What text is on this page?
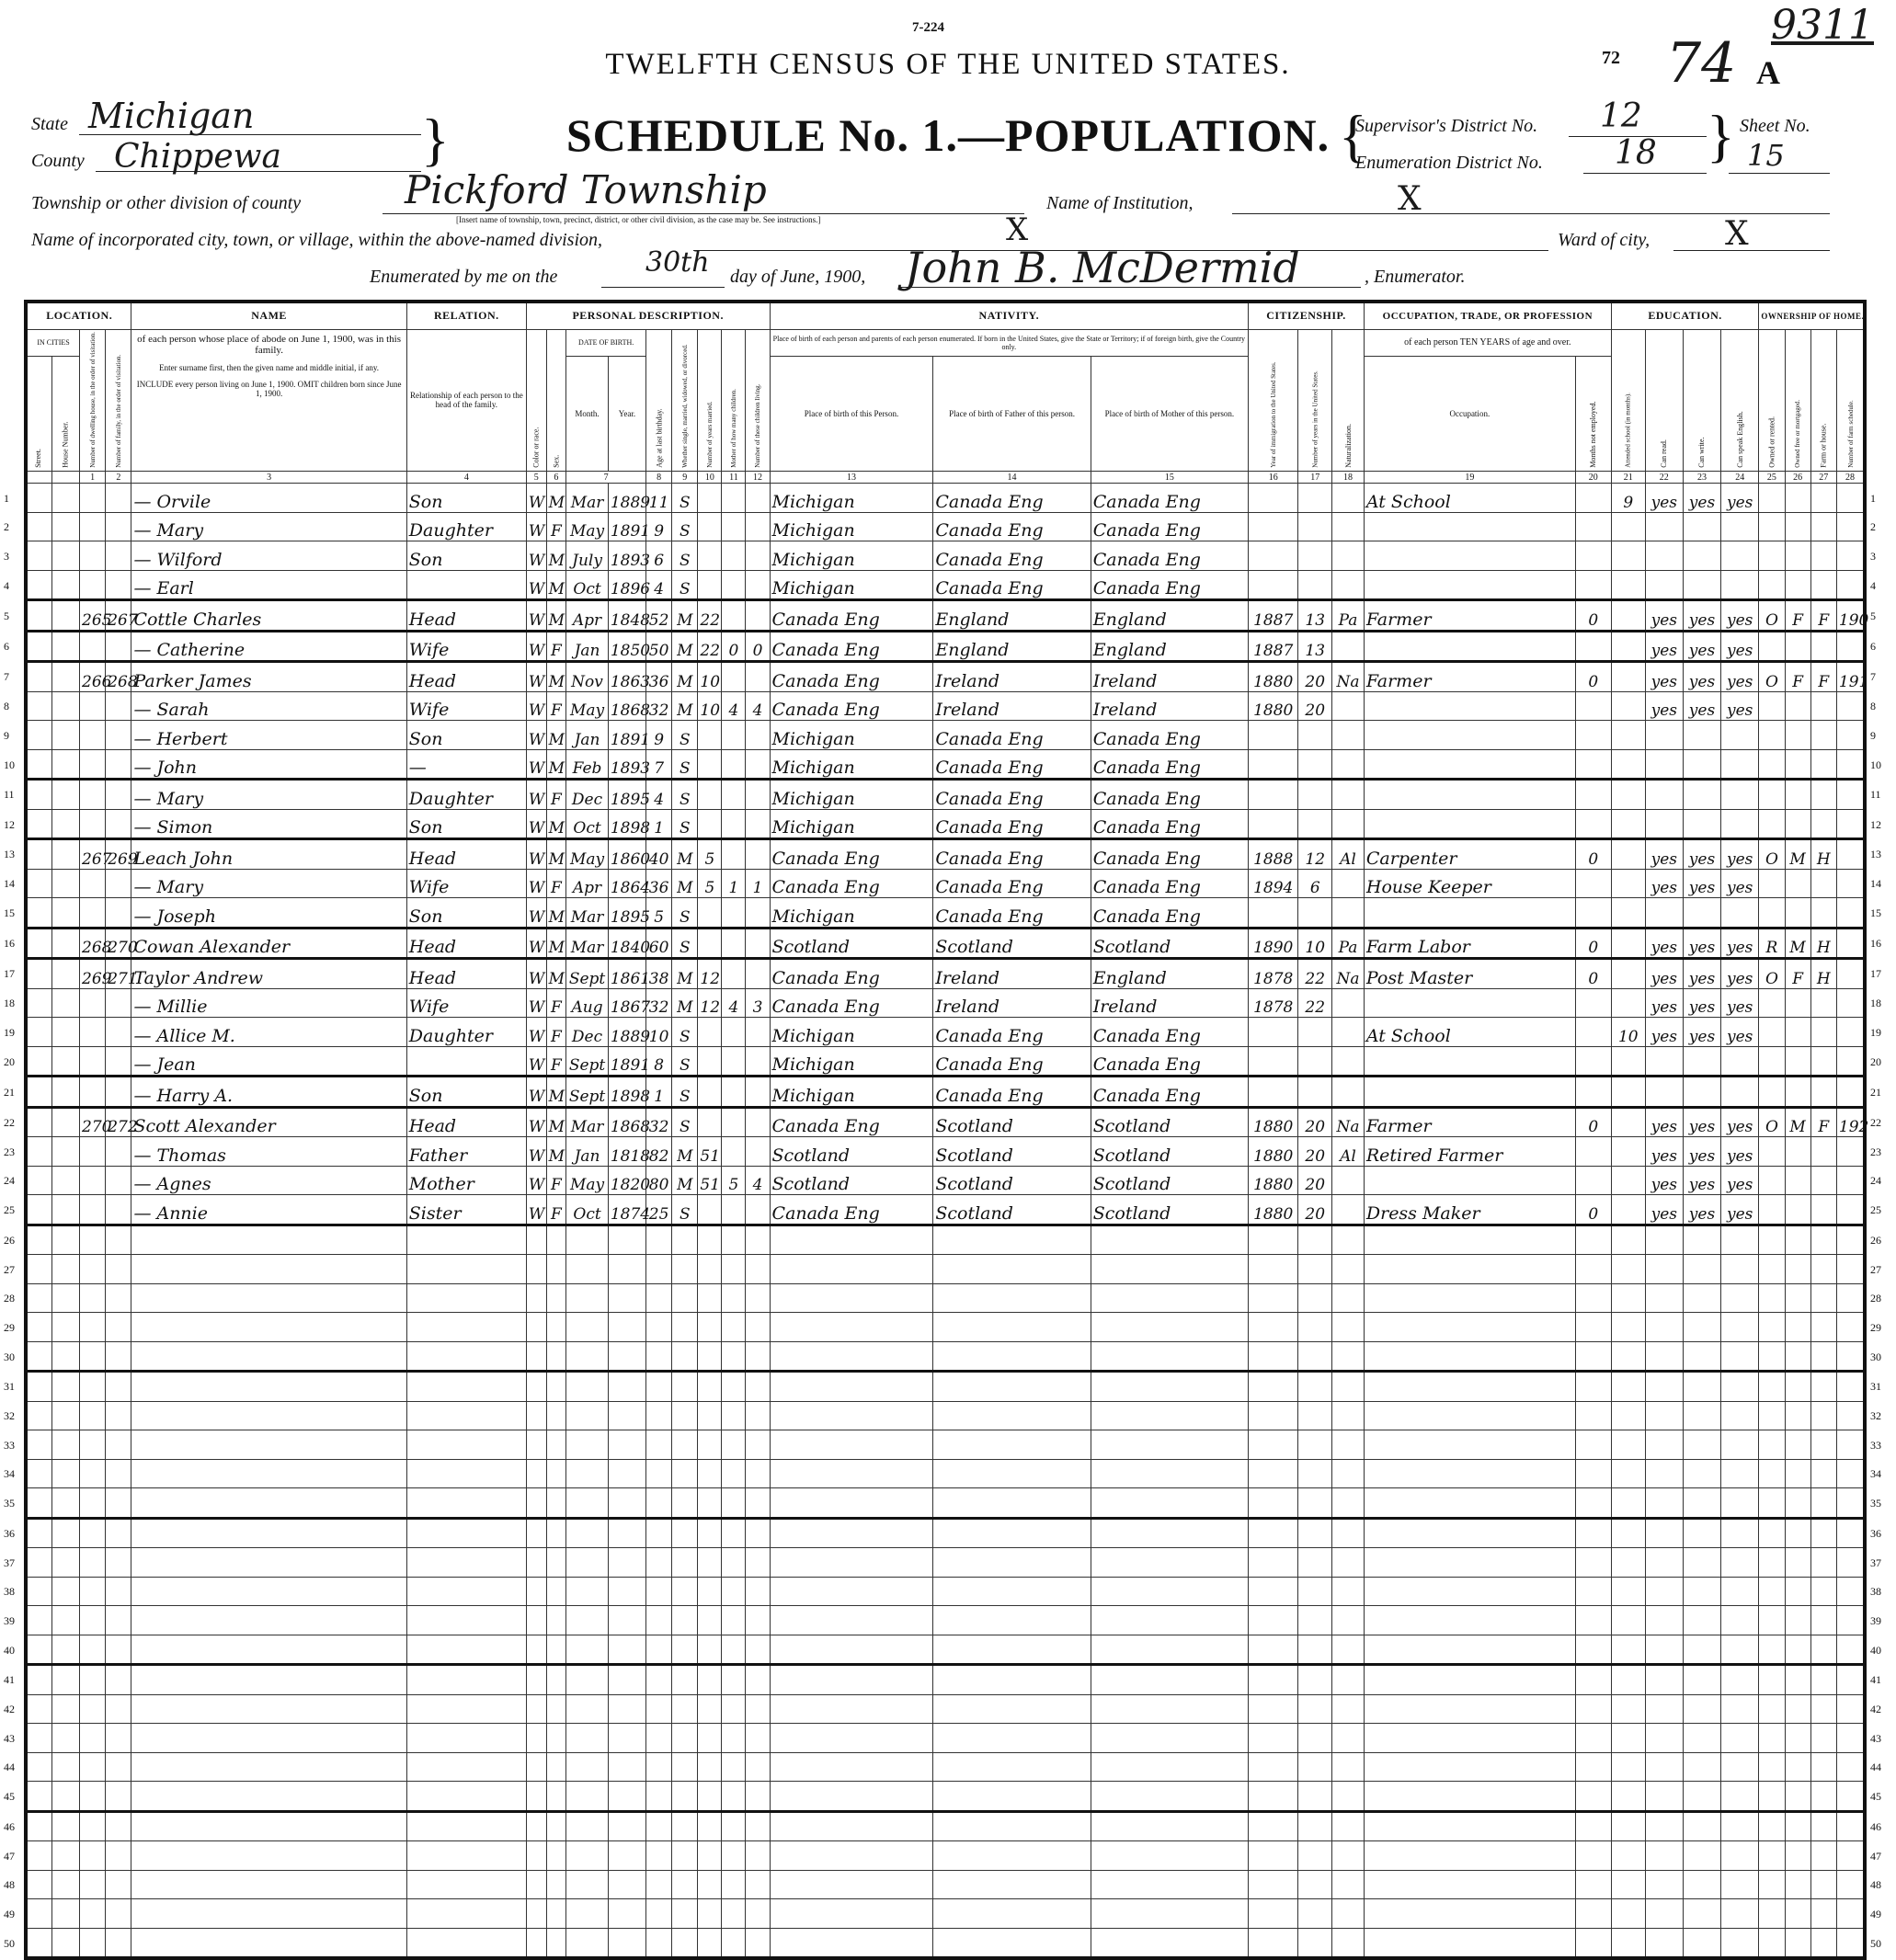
7-224	9311
72 74 A
TWELFTH CENSUS OF THE UNITED STATES.
SCHEDULE No. 1.—POPULATION.
State Michigan
County Chippewa }	{
Supervisor's District No. 12
Enumeration District No. 18 } Sheet No.
15
Township or other division of county	Pickford Township
[Insert name of township, town, precinct, district, or other civil division, as the case may be. See instructions.]
Name of Institution,	X
Name of incorporated city, town, or village, within the above-named division,	X	Ward of city, X
Enumerated by me on the	30th day of June, 1900, John B. McDermid	, Enumerator.
LOCATION.				NAME	RELATION.	PERSONAL DESCRIPTION.									NATIVITY.			CITIZENSHIP.			OCCUPATION, TRADE, OR PROFESSION		EDUCATION.				OWNERSHIP OF HOME.			
IN CITIES		Number of dwelling house, in the order of visitation.	Number of family, in the order of visitation.	of each person whose place of abode on June 1, 1900, was in this family.
Enter surname first, then the given name and middle initial, if any.
INCLUDE every person living on June 1, 1900. OMIT children born since June 1, 1900.	Relationship of each person to the head of the family.	Color or race.	Sex.	DATE OF BIRTH.		Age at last birthday.	Whether single, married, widowed, or divorced.	Number of years married.	Mother of how many children.	Number of these children living.	Place of birth of each person and parents of each person enumerated. If born in the United States, give the State or Territory; if of foreign birth, give the Country only.			Year of immigration to the United States.	Number of years in the United States.	Naturalization.	of each person TEN YEARS of age and over.		Attended school (in months).	Can read.	Can write.	Can speak English.	Owned or rented.	Owned free or mortgaged.	Farm or house.	Number of farm schedule.
Street.	House Number.							Month.	Year.						Place of birth of this Person.	Place of birth of Father of this person.	Place of birth of Mother of this person.				Occupation.	Months not employed.								
		1	2	3	4	5	6	7		8	9	10	11	12	13	14	15	16	17	18	19	20	21	22	23	24	25	26	27	28
				— Orvile	Son	W	M	Mar	1889	11	S				Michigan	Canada Eng	Canada Eng				At School		9	yes	yes	yes				
				— Mary	Daughter	W	F	May	1891	9	S				Michigan	Canada Eng	Canada Eng													
				— Wilford	Son	W	M	July	1893	6	S				Michigan	Canada Eng	Canada Eng													
				— Earl		W	M	Oct	1896	4	S				Michigan	Canada Eng	Canada Eng													
		265	267	Cottle Charles	Head	W	M	Apr	1848	52	M	22			Canada Eng	England	England	1887	13	Pa	Farmer	0		yes	yes	yes	O	F	F	190
				— Catherine	Wife	W	F	Jan	1850	50	M	22	0	0	Canada Eng	England	England	1887	13					yes	yes	yes				
		266	268	Parker James	Head	W	M	Nov	1863	36	M	10			Canada Eng	Ireland	Ireland	1880	20	Na	Farmer	0		yes	yes	yes	O	F	F	191
				— Sarah	Wife	W	F	May	1868	32	M	10	4	4	Canada Eng	Ireland	Ireland	1880	20					yes	yes	yes				
				— Herbert	Son	W	M	Jan	1891	9	S				Michigan	Canada Eng	Canada Eng													
				— John	—	W	M	Feb	1893	7	S				Michigan	Canada Eng	Canada Eng													
				— Mary	Daughter	W	F	Dec	1895	4	S				Michigan	Canada Eng	Canada Eng													
				— Simon	Son	W	M	Oct	1898	1	S				Michigan	Canada Eng	Canada Eng													
		267	269	Leach John	Head	W	M	May	1860	40	M	5			Canada Eng	Canada Eng	Canada Eng	1888	12	Al	Carpenter	0		yes	yes	yes	O	M	H	
				— Mary	Wife	W	F	Apr	1864	36	M	5	1	1	Canada Eng	Canada Eng	Canada Eng	1894	6		House Keeper			yes	yes	yes				
				— Joseph	Son	W	M	Mar	1895	5	S				Michigan	Canada Eng	Canada Eng													
		268	270	Cowan Alexander	Head	W	M	Mar	1840	60	S				Scotland	Scotland	Scotland	1890	10	Pa	Farm Labor	0		yes	yes	yes	R	M	H	
		269	271	Taylor Andrew	Head	W	M	Sept	1861	38	M	12			Canada Eng	Ireland	England	1878	22	Na	Post Master	0		yes	yes	yes	O	F	H	
				— Millie	Wife	W	F	Aug	1867	32	M	12	4	3	Canada Eng	Ireland	Ireland	1878	22					yes	yes	yes				
				— Allice M.	Daughter	W	F	Dec	1889	10	S				Michigan	Canada Eng	Canada Eng				At School		10	yes	yes	yes				
				— Jean		W	F	Sept	1891	8	S				Michigan	Canada Eng	Canada Eng													
				— Harry A.	Son	W	M	Sept	1898	1	S				Michigan	Canada Eng	Canada Eng													
		270	272	Scott Alexander	Head	W	M	Mar	1868	32	S				Canada Eng	Scotland	Scotland	1880	20	Na	Farmer	0		yes	yes	yes	O	M	F	192
				— Thomas	Father	W	M	Jan	1818	82	M	51			Scotland	Scotland	Scotland	1880	20	Al	Retired Farmer			yes	yes	yes				
				— Agnes	Mother	W	F	May	1820	80	M	51	5	4	Scotland	Scotland	Scotland	1880	20					yes	yes	yes				
				— Annie	Sister	W	F	Oct	1874	25	S				Canada Eng	Scotland	Scotland	1880	20		Dress Maker	0		yes	yes	yes				

1	1
2	2
3	3
4	4
5	5
6	6
7	7
8	8
9	9
10	10
11	11
12	12
13	13
14	14
15	15
16	16
17	17
18	18
19	19
20	20
21	21
22	22
23	23
24	24
25	25
26	26
27	27
28	28
29	29
30	30
31	31
32	32
33	33
34	34
35	35
36	36
37	37
38	38
39	39
40	40
41	41
42	42
43	43
44	44
45	45
46	46
47	47
48	48
49	49
50	50
